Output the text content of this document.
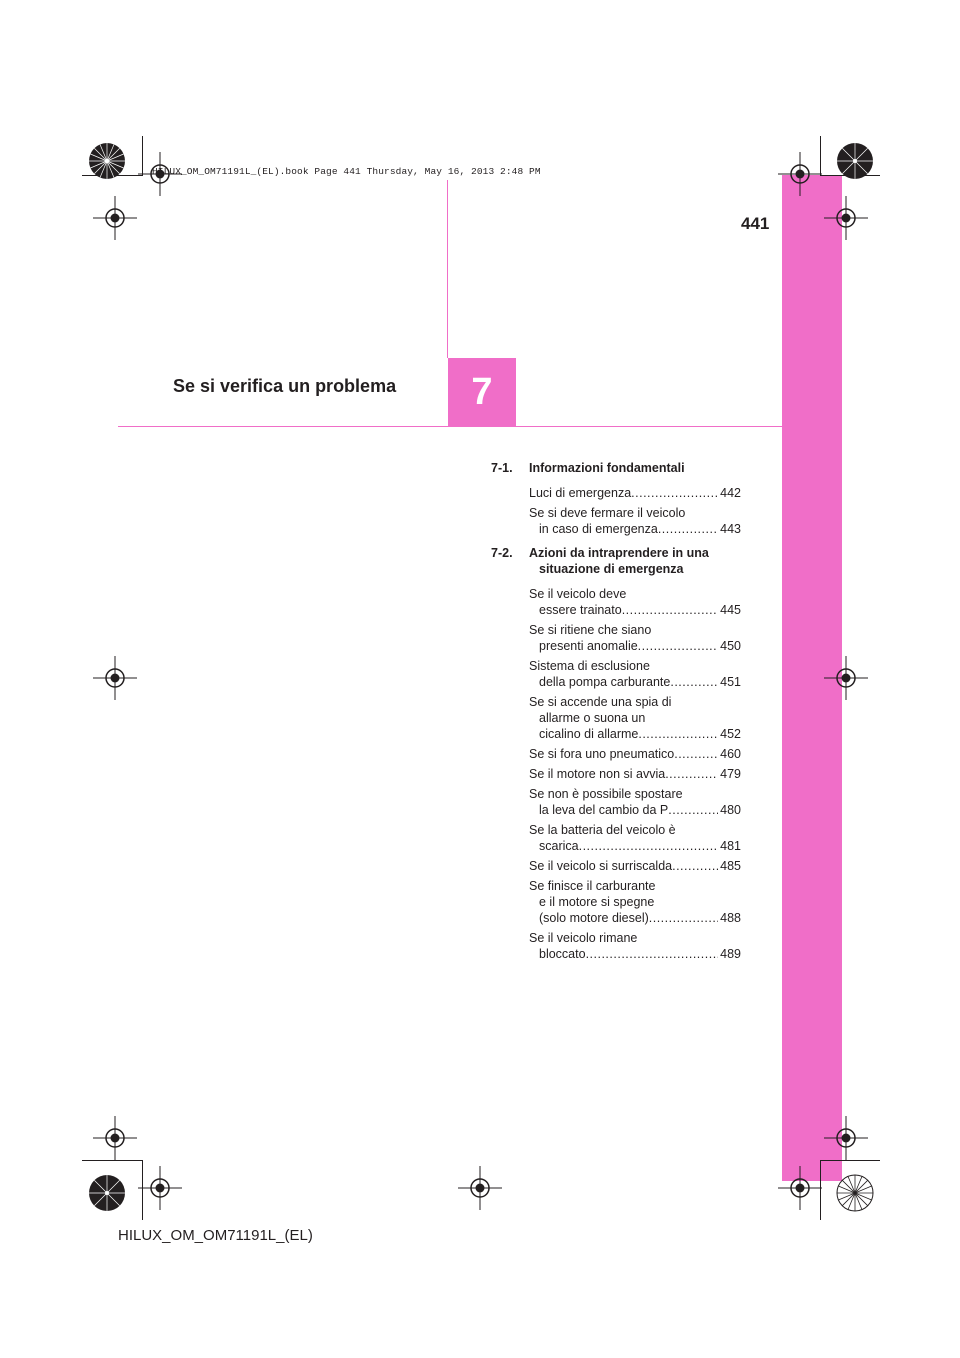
HILUX_OM_OM71191L_(EL).book Page 441 Thursday, May 16, 2013 2:48 PM
441
Se si verifica un problema	7
7-1. Informazioni fondamentali
Luci di emergenza .....	442
Se si deve fermare il veicolo
in caso di emergenza .....	443
7-2. Azioni da intraprendere in una
situazione di emergenza
Se il veicolo deve
essere trainato .....	445
Se si ritiene che siano
presenti anomalie .....	450
Sistema di esclusione
della pompa carburante .....	451
Se si accende una spia di
allarme o suona un
cicalino di allarme .....	452
Se si fora uno pneumatico .....	460
Se il motore non si avvia .....	479
Se non è possibile spostare
la leva del cambio da P .....	480
Se la batteria del veicolo è
scarica .....	481
Se il veicolo si surriscalda .....	485
Se finisce il carburante
e il motore si spegne
(solo motore diesel) .....	488
Se il veicolo rimane
bloccato .....	489
HILUX_OM_OM71191L_(EL)
